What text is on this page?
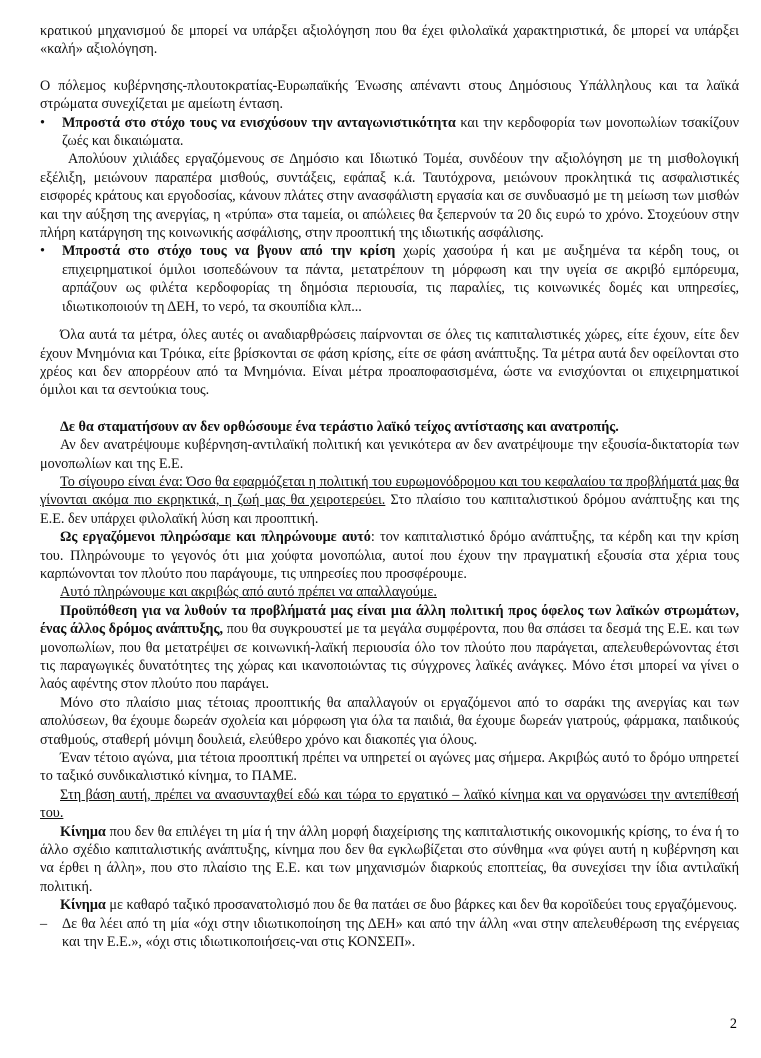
κρατικού μηχανισμού δε μπορεί να υπάρξει αξιολόγηση που θα έχει φιλολαϊκά χαρακτηριστικά, δε μπορεί να υπάρξει «καλή» αξιολόγηση.

Ο πόλεμος κυβέρνησης-πλουτοκρατίας-Ευρωπαϊκής Ένωσης απέναντι στους Δημόσιους Υπάλληλους και τα λαϊκά στρώματα συνεχίζεται με αμείωτη ένταση.

• Μπροστά στο στόχο τους να ενισχύσουν την ανταγωνιστικότητα και την κερδοφορία των μονοπωλίων τσακίζουν ζωές και δικαιώματα.

Απολύουν χιλιάδες εργαζόμενους σε Δημόσιο και Ιδιωτικό Τομέα, συνδέουν την αξιολόγηση με τη μισθολογική εξέλιξη, μειώνουν παραπέρα μισθούς, συντάξεις, εφάπαξ κ.ά. Ταυτόχρονα, μειώνουν προκλητικά τις ασφαλιστικές εισφορές κράτους και εργοδοσίας, κάνουν πλάτες στην ανασφάλιστη εργασία και σε συνδυασμό με τη μείωση των μισθών και την αύξηση της ανεργίας, η «τρύπα» στα ταμεία, οι απώλειες θα ξεπερνούν τα 20 δις ευρώ το χρόνο. Στοχεύουν στην πλήρη κατάργηση της κοινωνικής ασφάλισης, στην προοπτική της ιδιωτικής ασφάλισης.

• Μπροστά στο στόχο τους να βγουν από την κρίση χωρίς χασούρα ή και με αυξημένα τα κέρδη τους, οι επιχειρηματικοί όμιλοι ισοπεδώνουν τα πάντα, μετατρέπουν τη μόρφωση και την υγεία σε ακριβό εμπόρευμα, αρπάζουν ως φιλέτα κερδοφορίας τη δημόσια περιουσία, τις παραλίες, τις κοινωνικές δομές και υπηρεσίες, ιδιωτικοποιούν τη ΔΕΗ, το νερό, τα σκουπίδια κλπ...

Όλα αυτά τα μέτρα, όλες αυτές οι αναδιαρθρώσεις παίρνονται σε όλες τις καπιταλιστικές χώρες, είτε έχουν, είτε δεν έχουν Μνημόνια και Τρόικα, είτε βρίσκονται σε φάση κρίσης, είτε σε φάση ανάπτυξης. Τα μέτρα αυτά δεν οφείλονται στο χρέος και δεν απορρέουν από τα Μνημόνια. Είναι μέτρα προαποφασισμένα, ώστε να ενισχύονται οι επιχειρηματικοί όμιλοι και τα σεντούκια τους.

Δε θα σταματήσουν αν δεν ορθώσουμε ένα τεράστιο λαϊκό τείχος αντίστασης και ανατροπής.

Αν δεν ανατρέψουμε κυβέρνηση-αντιλαϊκή πολιτική και γενικότερα αν δεν ανατρέψουμε την εξουσία-δικτατορία των μονοπωλίων και της Ε.Ε.

Το σίγουρο είναι ένα: Όσο θα εφαρμόζεται η πολιτική του ευρωμονόδρομου και του κεφαλαίου τα προβλήματά μας θα γίνονται ακόμα πιο εκρηκτικά, η ζωή μας θα χειροτερεύει. Στο πλαίσιο του καπιταλιστικού δρόμου ανάπτυξης και της Ε.Ε. δεν υπάρχει φιλολαϊκή λύση και προοπτική.

Ως εργαζόμενοι πληρώσαμε και πληρώνουμε αυτό: τον καπιταλιστικό δρόμο ανάπτυξης, τα κέρδη και την κρίση του. Πληρώνουμε το γεγονός ότι μια χούφτα μονοπώλια, αυτοί που έχουν την πραγματική εξουσία στα χέρια τους καρπώνονται τον πλούτο που παράγουμε, τις υπηρεσίες που προσφέρουμε.

Αυτό πληρώνουμε και ακριβώς από αυτό πρέπει να απαλλαγούμε.

Προϋπόθεση για να λυθούν τα προβλήματά μας είναι μια άλλη πολιτική προς όφελος των λαϊκών στρωμάτων, ένας άλλος δρόμος ανάπτυξης, που θα συγκρουστεί με τα μεγάλα συμφέροντα, που θα σπάσει τα δεσμά της Ε.Ε. και των μονοπωλίων, που θα μετατρέψει σε κοινωνική-λαϊκή περιουσία όλο τον πλούτο που παράγεται, απελευθερώνοντας έτσι τις παραγωγικές δυνατότητες της χώρας και ικανοποιώντας τις σύγχρονες λαϊκές ανάγκες. Μόνο έτσι μπορεί να γίνει ο λαός αφέντης στον πλούτο που παράγει.

Μόνο στο πλαίσιο μιας τέτοιας προοπτικής θα απαλλαγούν οι εργαζόμενοι από το σαράκι της ανεργίας και των απολύσεων, θα έχουμε δωρεάν σχολεία και μόρφωση για όλα τα παιδιά, θα έχουμε δωρεάν γιατρούς, φάρμακα, παιδικούς σταθμούς, σταθερή μόνιμη δουλειά, ελεύθερο χρόνο και διακοπές για όλους.

Έναν τέτοιο αγώνα, μια τέτοια προοπτική πρέπει να υπηρετεί οι αγώνες μας σήμερα. Ακριβώς αυτό το δρόμο υπηρετεί το ταξικό συνδικαλιστικό κίνημα, το ΠΑΜΕ.

Στη βάση αυτή, πρέπει να ανασυνταχθεί εδώ και τώρα το εργατικό – λαϊκό κίνημα και να οργανώσει την αντεπίθεσή του.

Κίνημα που δεν θα επιλέγει τη μία ή την άλλη μορφή διαχείρισης της καπιταλιστικής οικονομικής κρίσης, το ένα ή το άλλο σχέδιο καπιταλιστικής ανάπτυξης, κίνημα που δεν θα εγκλωβίζεται στο σύνθημα «να φύγει αυτή η κυβέρνηση και να έρθει η άλλη», που στο πλαίσιο της Ε.Ε. και των μηχανισμών διαρκούς εποπτείας, θα συνεχίσει την ίδια αντιλαϊκή πολιτική.

Κίνημα με καθαρό ταξικό προσανατολισμό που δε θα πατάει σε δυο βάρκες και δεν θα κοροϊδεύει τους εργαζόμενους.

– Δε θα λέει από τη μία «όχι στην ιδιωτικοποίηση της ΔΕΗ» και από την άλλη «ναι στην απελευθέρωση της ενέργειας και την Ε.Ε.», «όχι στις ιδιωτικοποιήσεις-ναι στις ΚΟΝΣΕΠ».

2
